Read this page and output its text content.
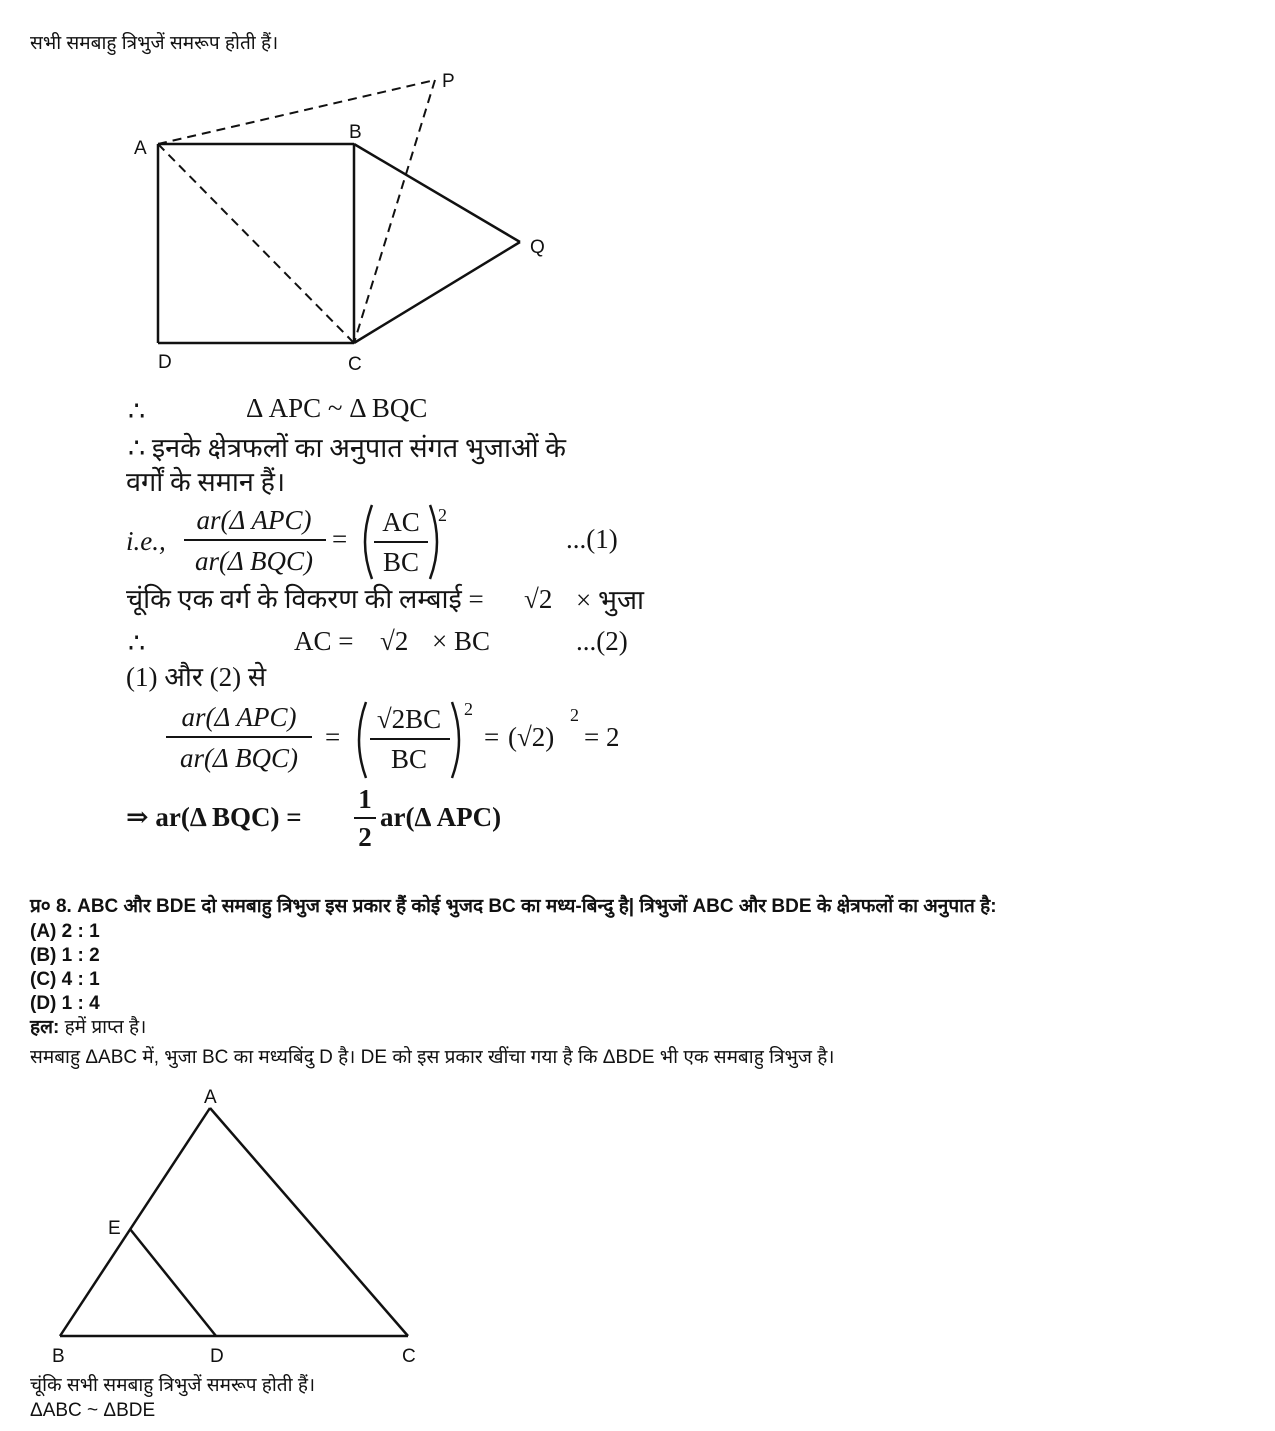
सभी समबाहु त्रिभुजें समरूप होती हैं।
A
B
C
D
P
Q
∴	Δ APC ~ Δ BQC
∴ इनके क्षेत्रफलों का अनुपात संगत भुजाओं के
वर्गों के समान हैं।
i.e.,
ar(Δ APC)
ar(Δ BQC)
=
AC
BC
2
...(1)
चूंकि एक वर्ग के विकरण की लम्बाई = √2 × भुजा
∴	AC = √2 × BC	...(2)
(1) और (2) से
ar(Δ APC)
ar(Δ BQC)
=
√2BC
BC
2
= (√2)
2
= 2
⇒ ar(Δ BQC) =
1
2
ar(Δ APC)
प्र० 8. ABC और BDE दो समबाहु त्रिभुज इस प्रकार हैं कोई भुजद BC का मध्य-बिन्दु है| त्रिभुजों ABC और BDE के क्षेत्रफलों का अनुपात है:
(A) 2 : 1
(B) 1 : 2
(C) 4 : 1
(D) 1 : 4
हल: हमें प्राप्त है।
समबाहु ΔABC में, भुजा BC का मध्यबिंदु D है। DE को इस प्रकार खींचा गया है कि ΔBDE भी एक समबाहु त्रिभुज है।
A
E
B	D	C
चूंकि सभी समबाहु त्रिभुजें समरूप होती हैं।
ΔABC ~ ΔBDE
